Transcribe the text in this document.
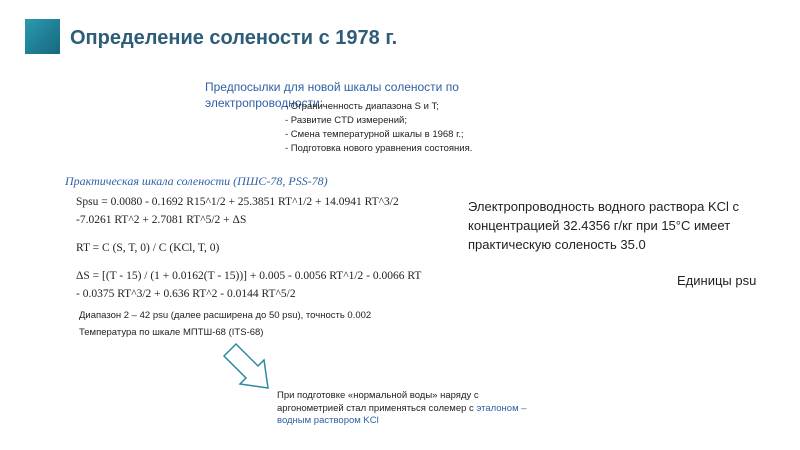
Определение солености с 1978 г.
Предпосылки для новой шкалы солености по электропроводности:
- Ограниченность диапазона S и T;
- Развитие CTD измерений;
- Смена температурной шкалы в 1968 г.;
- Подготовка нового уравнения состояния.
Практическая шкала солености (ПШС-78, PSS-78)
Spsu = 0.0080 - 0.1692 R15^1/2 + 25.3851 RT^1/2 + 14.0941 RT^3/2
-7.0261 RT^2 + 2.7081 RT^5/2 + ΔS
RT = C (S, T, 0) / C (KCl, T, 0)
ΔS = [(T - 15) / (1 + 0.0162(T - 15))] + 0.005 - 0.0056 RT^1/2 - 0.0066 RT
- 0.0375 RT^3/2 + 0.636 RT^2 - 0.0144 RT^5/2
Диапазон 2 – 42 psu (далее расширена до 50 psu), точность 0.002
Температура по шкале МПТШ-68 (ITS-68)
Электропроводность водного раствора KCl с концентрацией 32.4356 г/кг при 15°C имеет практическую соленость 35.0
Единицы psu
При подготовке «нормальной воды» наряду с аргонометрией стал применяться солемер с эталоном – водным раствором KCl
